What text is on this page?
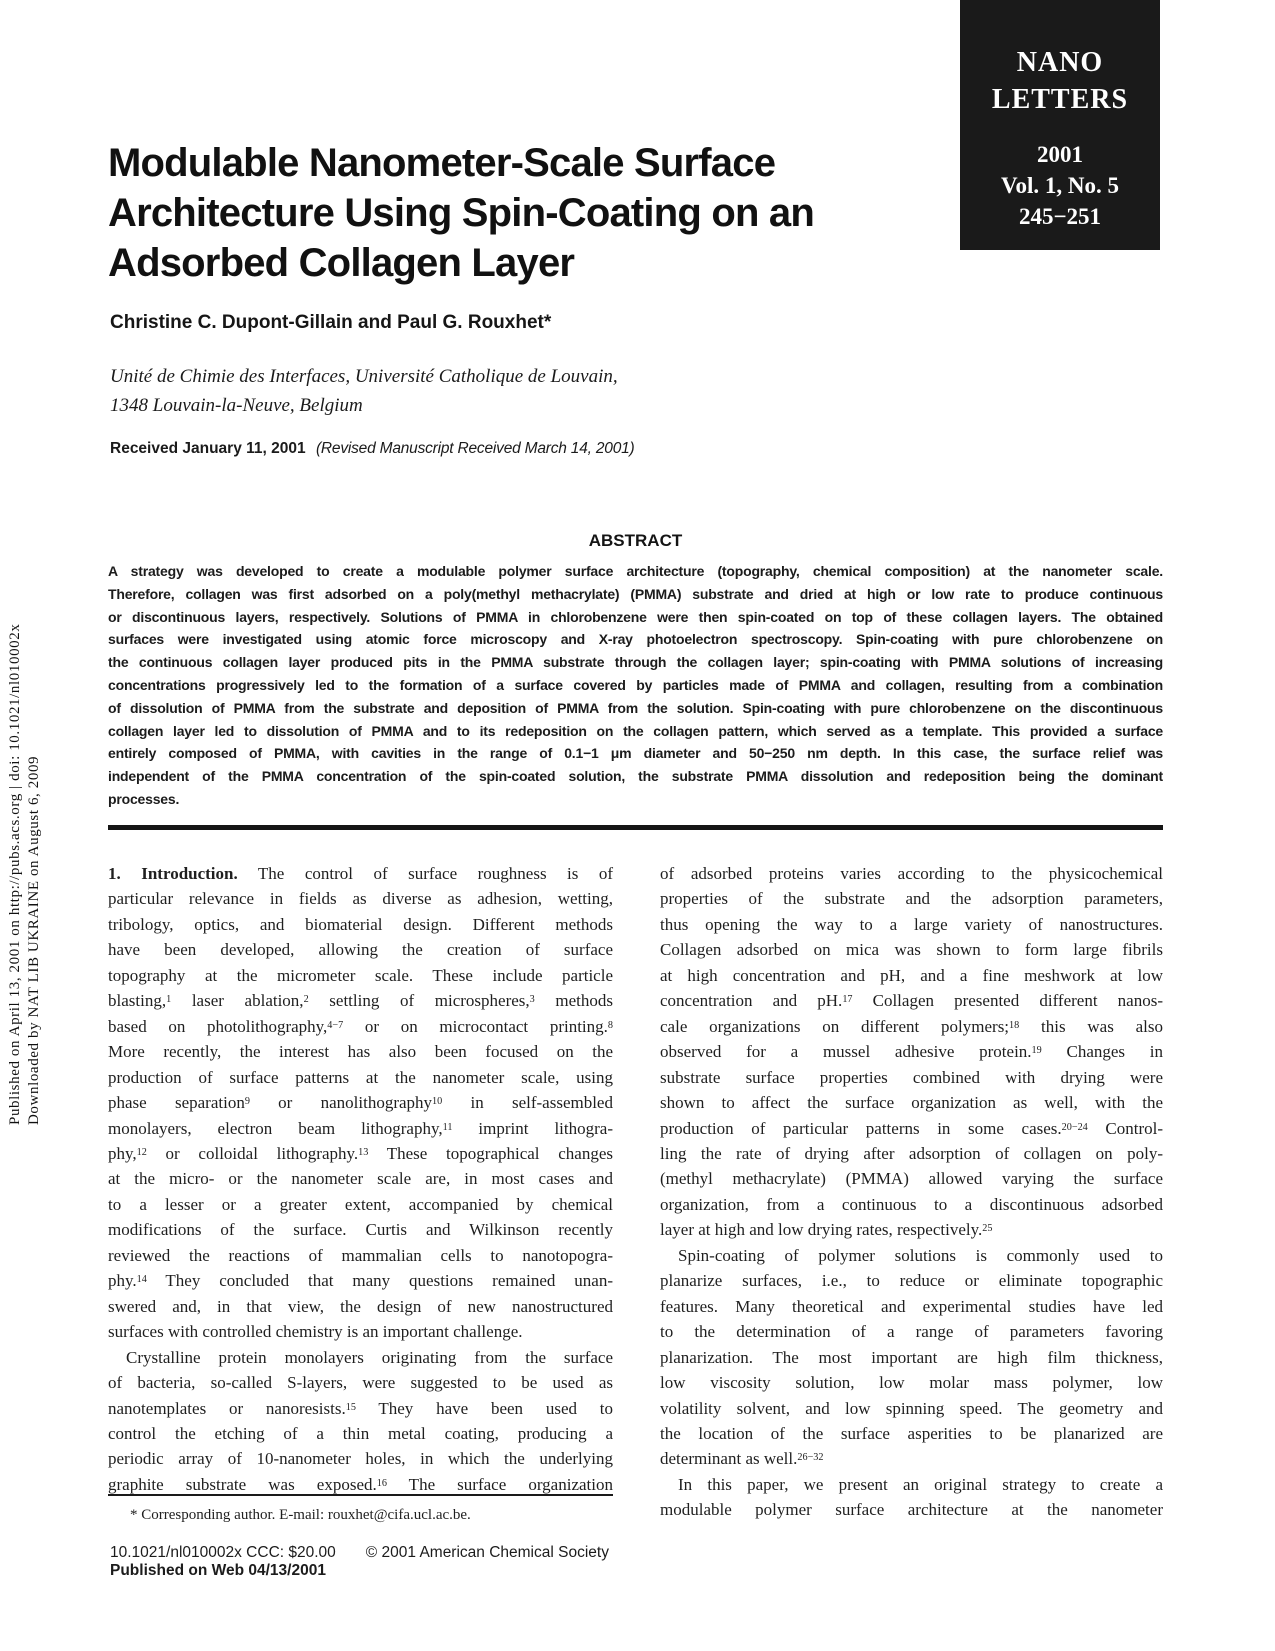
NANO
LETTERS
2001
Vol. 1, No. 5
245−251
Modulable Nanometer-Scale Surface
Architecture Using Spin-Coating on an
Adsorbed Collagen Layer
Christine C. Dupont-Gillain and Paul G. Rouxhet*
Unité de Chimie des Interfaces, Université Catholique de Louvain,
1348 Louvain-la-Neuve, Belgium
Received January 11, 2001 (Revised Manuscript Received March 14, 2001)
ABSTRACT
A strategy was developed to create a modulable polymer surface architecture (topography, chemical composition) at the nanometer scale.
Therefore, collagen was first adsorbed on a poly(methyl methacrylate) (PMMA) substrate and dried at high or low rate to produce continuous
or discontinuous layers, respectively. Solutions of PMMA in chlorobenzene were then spin-coated on top of these collagen layers. The obtained
surfaces were investigated using atomic force microscopy and X-ray photoelectron spectroscopy. Spin-coating with pure chlorobenzene on
the continuous collagen layer produced pits in the PMMA substrate through the collagen layer; spin-coating with PMMA solutions of increasing
concentrations progressively led to the formation of a surface covered by particles made of PMMA and collagen, resulting from a combination
of dissolution of PMMA from the substrate and deposition of PMMA from the solution. Spin-coating with pure chlorobenzene on the discontinuous
collagen layer led to dissolution of PMMA and to its redeposition on the collagen pattern, which served as a template. This provided a surface
entirely composed of PMMA, with cavities in the range of 0.1−1 μm diameter and 50−250 nm depth. In this case, the surface relief was
independent of the PMMA concentration of the spin-coated solution, the substrate PMMA dissolution and redeposition being the dominant
processes.
1. Introduction. The control of surface roughness is of
particular relevance in fields as diverse as adhesion, wetting,
tribology, optics, and biomaterial design. Different methods
have been developed, allowing the creation of surface
topography at the micrometer scale. These include particle
blasting,$^1$ laser ablation,$^2$ settling of microspheres,$^3$ methods
based on photolithography,$^{4-7}$ or on microcontact printing.$^8$
More recently, the interest has also been focused on the
production of surface patterns at the nanometer scale, using
phase separation$^9$ or nanolithography$^{10}$ in self-assembled
monolayers, electron beam lithography,$^{11}$ imprint lithogra-
phy,$^{12}$ or colloidal lithography.$^{13}$ These topographical changes
at the micro- or the nanometer scale are, in most cases and
to a lesser or a greater extent, accompanied by chemical
modifications of the surface. Curtis and Wilkinson recently
reviewed the reactions of mammalian cells to nanotopogra-
phy.$^{14}$ They concluded that many questions remained unan-
swered and, in that view, the design of new nanostructured
surfaces with controlled chemistry is an important challenge.
Crystalline protein monolayers originating from the surface
of bacteria, so-called S-layers, were suggested to be used as
nanotemplates or nanoresists.$^{15}$ They have been used to
control the etching of a thin metal coating, producing a
periodic array of 10-nanometer holes, in which the underlying
graphite substrate was exposed.$^{16}$ The surface organization
of adsorbed proteins varies according to the physicochemical
properties of the substrate and the adsorption parameters,
thus opening the way to a large variety of nanostructures.
Collagen adsorbed on mica was shown to form large fibrils
at high concentration and pH, and a fine meshwork at low
concentration and pH.$^{17}$ Collagen presented different nanos-
cale organizations on different polymers;$^{18}$ this was also
observed for a mussel adhesive protein.$^{19}$ Changes in
substrate surface properties combined with drying were
shown to affect the surface organization as well, with the
production of particular patterns in some cases.$^{20-24}$ Control-
ling the rate of drying after adsorption of collagen on poly-
(methyl methacrylate) (PMMA) allowed varying the surface
organization, from a continuous to a discontinuous adsorbed
layer at high and low drying rates, respectively.$^{25}$
Spin-coating of polymer solutions is commonly used to
planarize surfaces, i.e., to reduce or eliminate topographic
features. Many theoretical and experimental studies have led
to the determination of a range of parameters favoring
planarization. The most important are high film thickness,
low viscosity solution, low molar mass polymer, low
volatility solvent, and low spinning speed. The geometry and
the location of the surface asperities to be planarized are
determinant as well.$^{26-32}$
In this paper, we present an original strategy to create a
modulable polymer surface architecture at the nanometer
* Corresponding author. E-mail: rouxhet@cifa.ucl.ac.be.
10.1021/nl010002x CCC: $20.00 © 2001 American Chemical Society
Published on Web 04/13/2001
Published on April 13, 2001 on http://pubs.acs.org | doi: 10.1021/nl010002x Downloaded by NAT LIB UKRAINE on August 6, 2009
